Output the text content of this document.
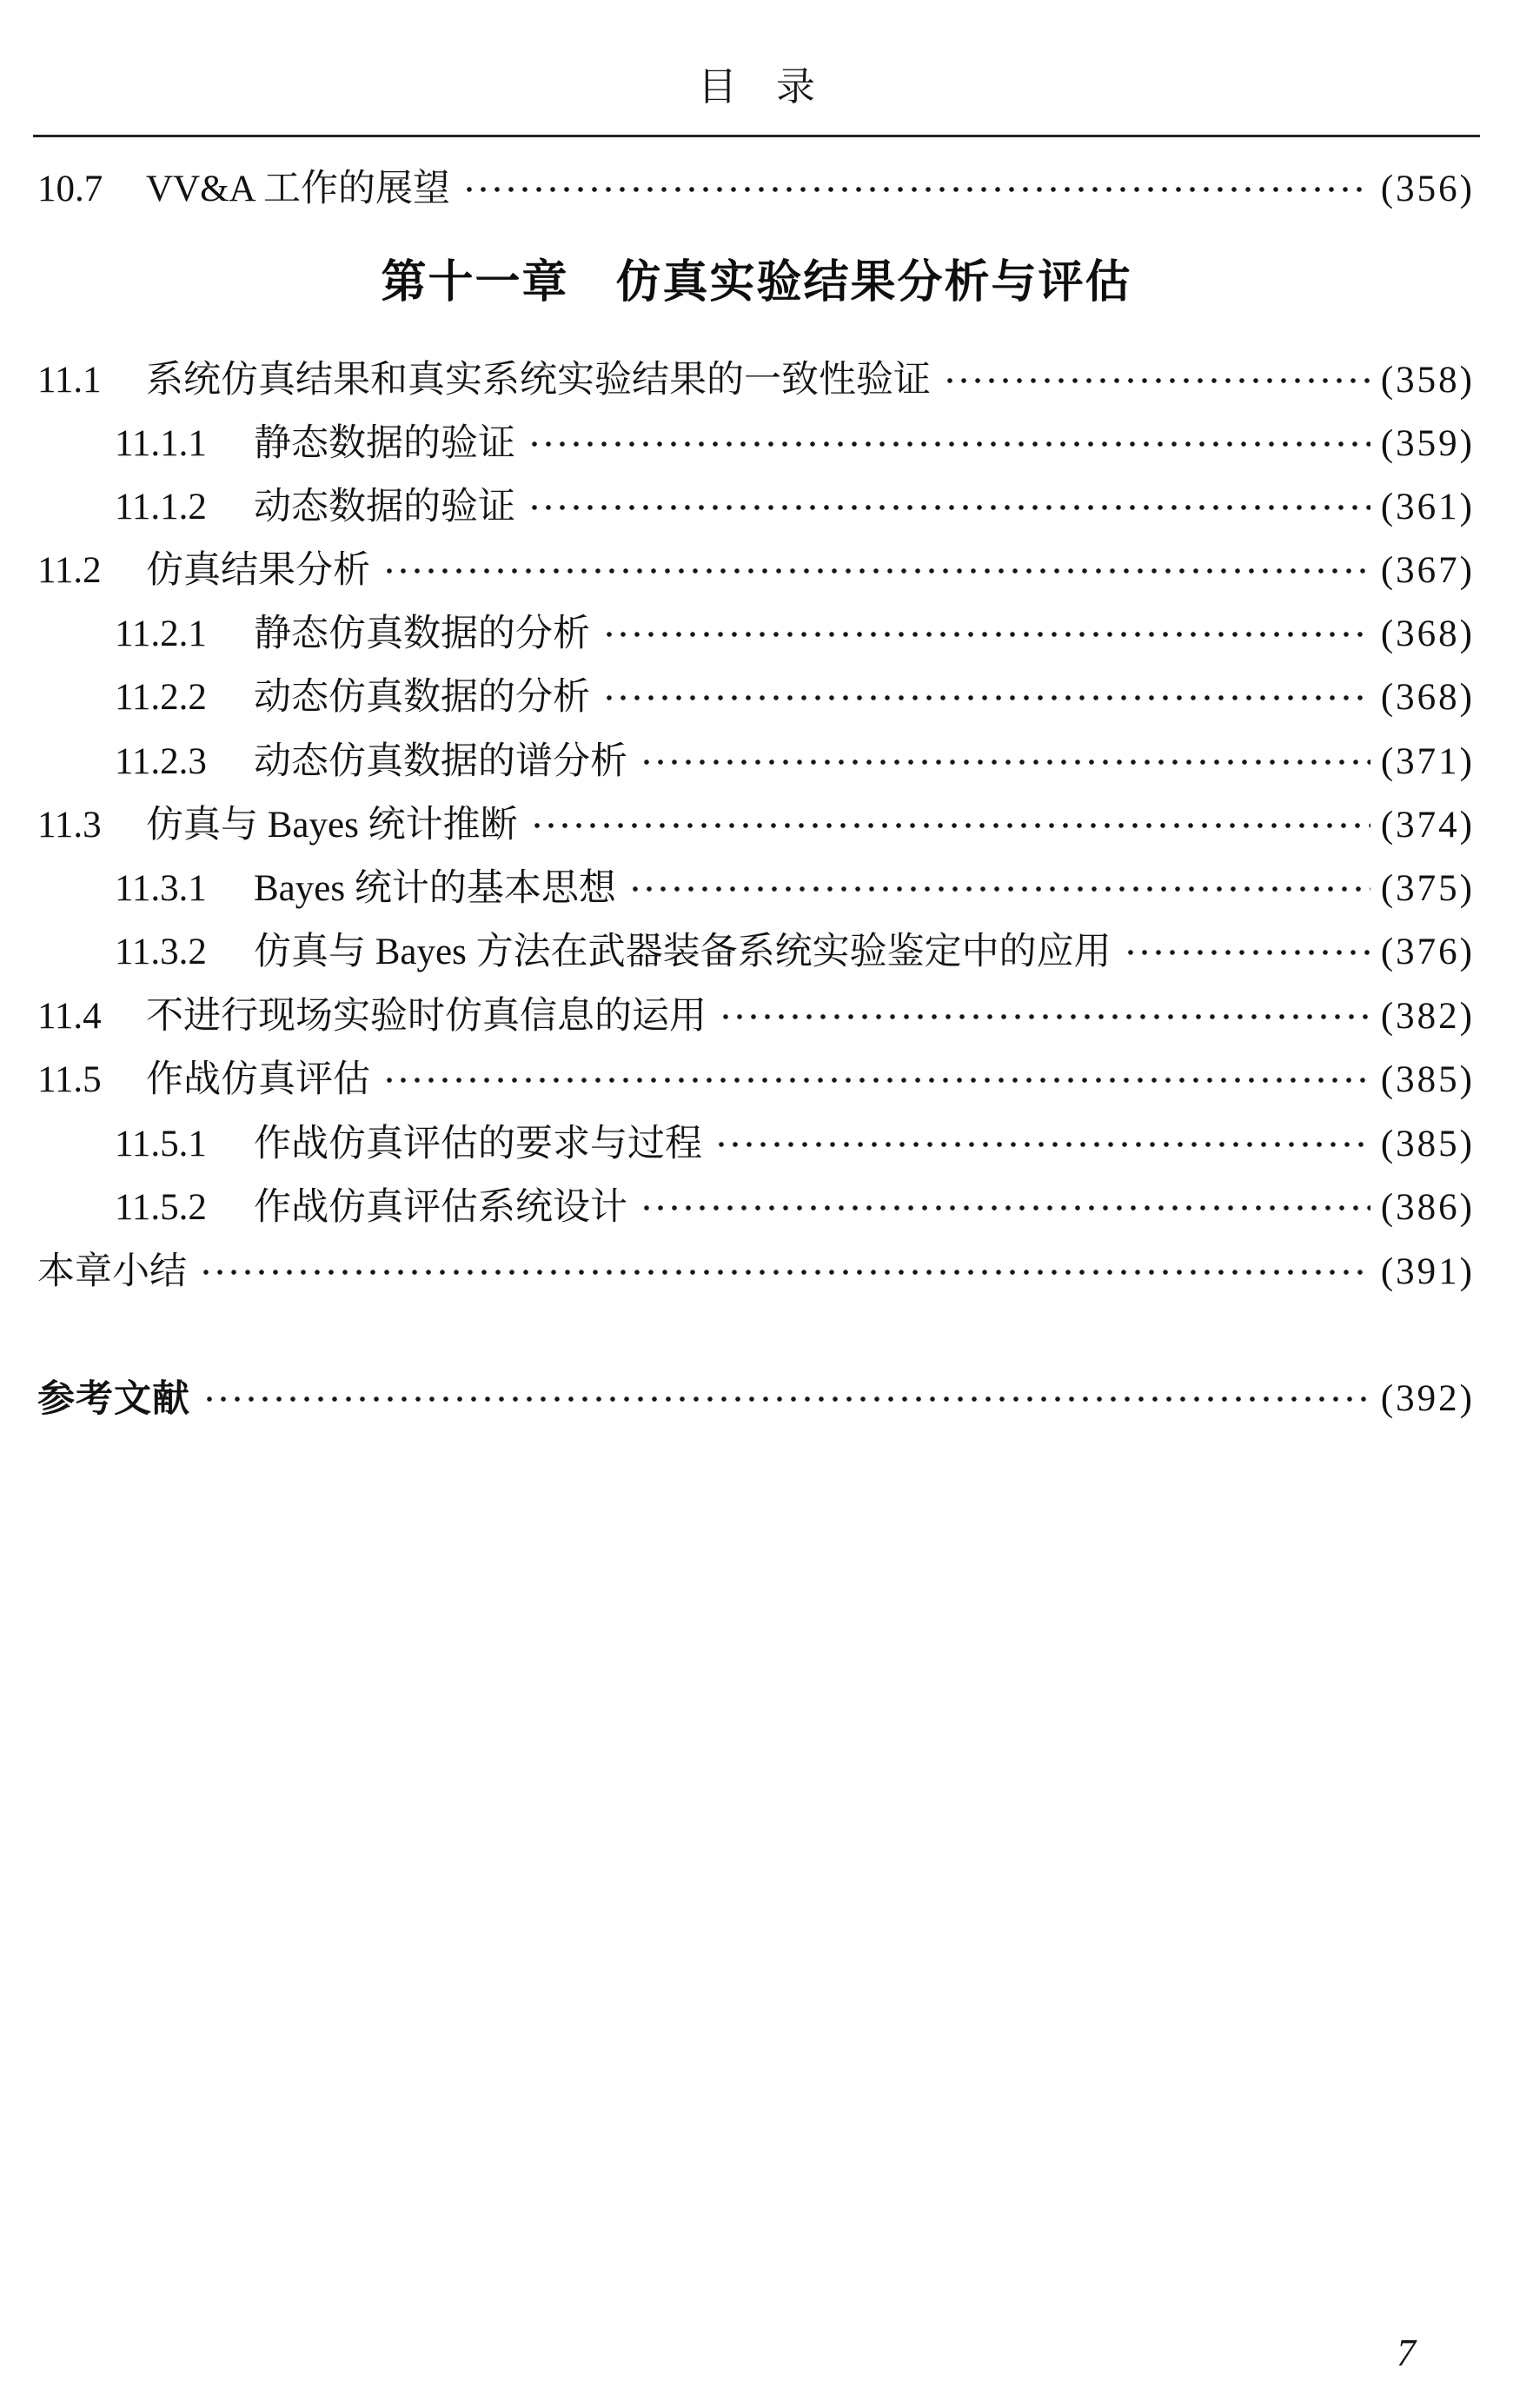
目　录
10.7	VV&A 工作的展望	(356)
第十一章　仿真实验结果分析与评估
11.1	系统仿真结果和真实系统实验结果的一致性验证	(358)
11.1.1	静态数据的验证	(359)
11.1.2	动态数据的验证	(361)
11.2	仿真结果分析	(367)
11.2.1	静态仿真数据的分析	(368)
11.2.2	动态仿真数据的分析	(368)
11.2.3	动态仿真数据的谱分析	(371)
11.3	仿真与 Bayes 统计推断	(374)
11.3.1	Bayes 统计的基本思想	(375)
11.3.2	仿真与 Bayes 方法在武器装备系统实验鉴定中的应用	(376)
11.4	不进行现场实验时仿真信息的运用	(382)
11.5	作战仿真评估	(385)
11.5.1	作战仿真评估的要求与过程	(385)
11.5.2	作战仿真评估系统设计	(386)
本章小结	(391)
参考文献	(392)
7
